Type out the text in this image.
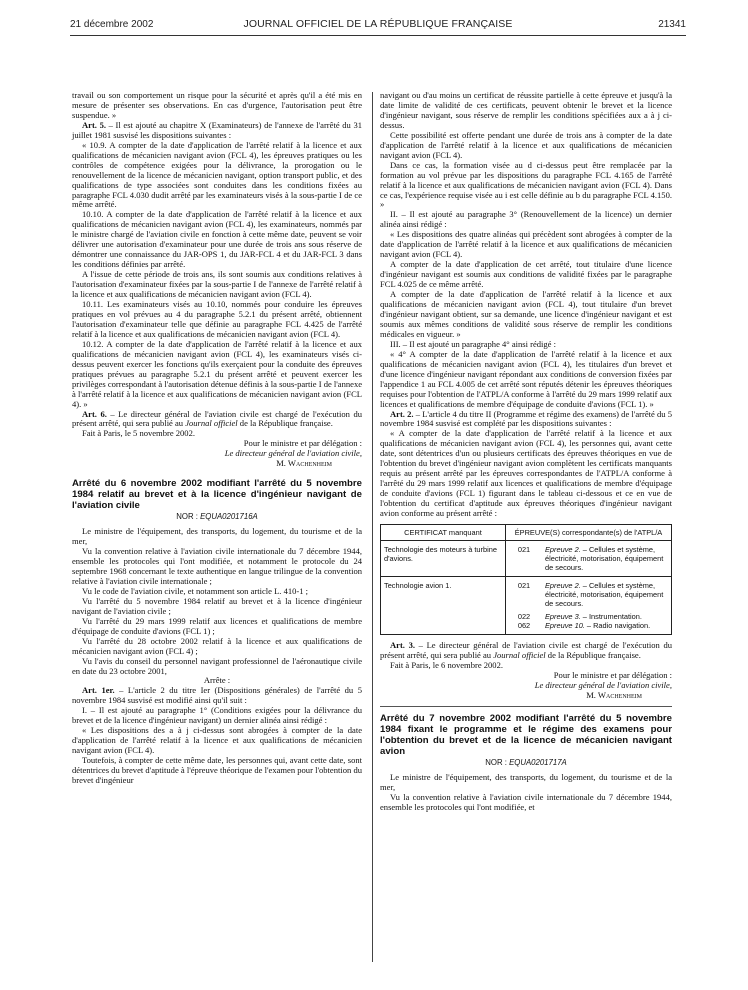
21 décembre 2002	JOURNAL OFFICIEL DE LA RÉPUBLIQUE FRANÇAISE	21341

travail ou son comportement un risque pour la sécurité et après qu'il a été mis en mesure de présenter ses observations. En cas d'urgence, l'autorisation peut être suspendue. »

Art. 5. – Il est ajouté au chapitre X (Examinateurs) de l'annexe de l'arrêté du 31 juillet 1981 susvisé les dispositions suivantes :

« 10.9. A compter de la date d'application de l'arrêté relatif à la licence et aux qualifications de mécanicien navigant avion (FCL 4), les épreuves pratiques ou les contrôles de compétence exigées pour la délivrance, la prorogation ou le renouvellement de la licence de mécanicien navigant, option transport public, et des qualifications de type associées sont conduites dans les conditions fixées au paragraphe FCL 4.030 dudit arrêté par les examinateurs visés à la sous-partie I de ce même arrêté.

10.10. A compter de la date d'application de l'arrêté relatif à la licence et aux qualifications de mécanicien navigant avion (FCL 4), les examinateurs, nommés par le ministre chargé de l'aviation civile en fonction à cette même date, peuvent se voir délivrer une autorisation d'examinateur pour une durée de trois ans sous réserve de démontrer une connaissance du JAR-OPS 1, du JAR-FCL 4 et du JAR-FCL 3 dans les conditions définies par arrêté.

A l'issue de cette période de trois ans, ils sont soumis aux conditions relatives à l'autorisation d'examinateur fixées par la sous-partie I de l'annexe de l'arrêté relatif à la licence et aux qualifications de mécanicien navigant avion (FCL 4).

10.11. Les examinateurs visés au 10.10, nommés pour conduire les épreuves pratiques en vol prévues au 4 du paragraphe 5.2.1 du présent arrêté, obtiennent l'autorisation d'examinateur telle que définie au paragraphe FCL 4.425 de l'arrêté relatif à la licence et aux qualifications de mécanicien navigant avion (FCL 4).

10.12. A compter de la date d'application de l'arrêté relatif à la licence et aux qualifications de mécanicien navigant avion (FCL 4), les examinateurs visés ci-dessus peuvent exercer les fonctions qu'ils exerçaient pour la conduite des épreuves pratiques prévues au paragraphe 5.2.1 du présent arrêté et peuvent exercer les privilèges correspondant à l'autorisation détenue définis à la sous-partie I de l'annexe à l'arrêté relatif à la licence et aux qualifications de mécanicien navigant avion (FCL 4). »

Art. 6. – Le directeur général de l'aviation civile est chargé de l'exécution du présent arrêté, qui sera publié au Journal officiel de la République française.

Fait à Paris, le 5 novembre 2002.

Pour le ministre et par délégation :

Le directeur général de l'aviation civile,

M. Wachenheim

Arrêté du 6 novembre 2002 modifiant l'arrêté du 5 novembre 1984 relatif au brevet et à la licence d'ingénieur navigant de l'aviation civile

NOR : EQUA0201716A

Le ministre de l'équipement, des transports, du logement, du tourisme et de la mer,

Vu la convention relative à l'aviation civile internationale du 7 décembre 1944, ensemble les protocoles qui l'ont modifiée, et notamment le protocole du 24 septembre 1968 concernant le texte authentique en langue trilingue de la convention relative à l'aviation civile internationale ;

Vu le code de l'aviation civile, et notamment son article L. 410-1 ;

Vu l'arrêté du 5 novembre 1984 relatif au brevet et à la licence d'ingénieur navigant de l'aviation civile ;

Vu l'arrêté du 29 mars 1999 relatif aux licences et qualifications de membre d'équipage de conduite d'avions (FCL 1) ;

Vu l'arrêté du 28 octobre 2002 relatif à la licence et aux qualifications de mécanicien navigant avion (FCL 4) ;

Vu l'avis du conseil du personnel navigant professionnel de l'aéronautique civile en date du 23 octobre 2001,

Arrête :

Art. 1er. – L'article 2 du titre Ier (Dispositions générales) de l'arrêté du 5 novembre 1984 susvisé est modifié ainsi qu'il suit :

I. – Il est ajouté au paragraphe 1° (Conditions exigées pour la délivrance du brevet et de la licence d'ingénieur navigant) un dernier alinéa ainsi rédigé :

« Les dispositions des a à j ci-dessus sont abrogées à compter de la date d'application de l'arrêté relatif à la licence et aux qualifications de mécanicien navigant avion (FCL 4).

Toutefois, à compter de cette même date, les personnes qui, avant cette date, sont détentrices du brevet d'aptitude à l'épreuve théorique de l'examen pour l'obtention du brevet d'ingénieur

navigant ou d'au moins un certificat de réussite partielle à cette épreuve et jusqu'à la date limite de validité de ces certificats, peuvent obtenir le brevet et la licence d'ingénieur navigant, sous réserve de remplir les conditions spécifiées aux a à j ci-dessus.

Cette possibilité est offerte pendant une durée de trois ans à compter de la date d'application de l'arrêté relatif à la licence et aux qualifications de mécanicien navigant avion (FCL 4).

Dans ce cas, la formation visée au d ci-dessus peut être remplacée par la formation au vol prévue par les dispositions du paragraphe FCL 4.165 de l'arrêté relatif à la licence et aux qualifications de mécanicien navigant avion (FCL 4). Dans ce cas, l'expérience requise visée au i est celle définie au b du paragraphe FCL 4.150. »

II. – Il est ajouté au paragraphe 3° (Renouvellement de la licence) un dernier alinéa ainsi rédigé :

« Les dispositions des quatre alinéas qui précèdent sont abrogées à compter de la date d'application de l'arrêté relatif à la licence et aux qualifications de mécanicien navigant avion (FCL 4).

A compter de la date d'application de cet arrêté, tout titulaire d'une licence d'ingénieur navigant est soumis aux conditions de validité fixées par le paragraphe FCL 4.025 de ce même arrêté.

A compter de la date d'application de l'arrêté relatif à la licence et aux qualifications de mécanicien navigant avion (FCL 4), tout titulaire d'un brevet d'ingénieur navigant obtient, sur sa demande, une licence d'ingénieur navigant et est soumis aux mêmes conditions de validité sous réserve de remplir les conditions médicales en vigueur. »

III. – Il est ajouté un paragraphe 4° ainsi rédigé :

« 4° A compter de la date d'application de l'arrêté relatif à la licence et aux qualifications de mécanicien navigant avion (FCL 4), les titulaires d'un brevet et d'une licence d'ingénieur navigant répondant aux conditions de conversion fixées par l'appendice 1 au FCL 4.005 de cet arrêté sont réputés détenir les épreuves théoriques requises pour l'obtention de l'ATPL/A conforme à l'arrêté du 29 mars 1999 relatif aux licences et qualifications de membre d'équipage de conduite d'avions (FCL 1). »

Art. 2. – L'article 4 du titre II (Programme et régime des examens) de l'arrêté du 5 novembre 1984 susvisé est complété par les dispositions suivantes :

« A compter de la date d'application de l'arrêté relatif à la licence et aux qualifications de mécanicien navigant avion (FCL 4), les personnes qui, avant cette date, sont détentrices d'un ou plusieurs certificats des épreuves théoriques en vue de l'obtention du brevet d'ingénieur navigant avion complètent les certificats manquants requis au présent arrêté par les épreuves correspondantes de l'ATPL/A conforme à l'arrêté du 29 mars 1999 relatif aux licences et qualifications de membre d'équipage de conduite d'avions (FCL 1) figurant dans le tableau ci-dessous et ce en vue de l'obtention du certificat d'aptitude aux épreuves théoriques d'ingénieur navigant avion conforme au présent arrêté :

CERTIFICAT manquant	ÉPREUVE(S) correspondante(s) de l'ATPL/A	
Technologie des moteurs à turbine d'avions.	021	Epreuve 2. – Cellules et système, électricité, motorisation, équipement de secours.

Technologie avion 1.	021	Epreuve 2. – Cellules et système, électricité, motorisation, équipement de secours.

	022	Epreuve 3. – Instrumentation.

	062	Epreuve 10. – Radio navigation.

Art. 3. – Le directeur général de l'aviation civile est chargé de l'exécution du présent arrêté, qui sera publié au Journal officiel de la République française.

Fait à Paris, le 6 novembre 2002.

Pour le ministre et par délégation :

Le directeur général de l'aviation civile,

M. Wachenheim

Arrêté du 7 novembre 2002 modifiant l'arrêté du 5 novembre 1984 fixant le programme et le régime des examens pour l'obtention du brevet et de la licence de mécanicien navigant avion

NOR : EQUA0201717A

Le ministre de l'équipement, des transports, du logement, du tourisme et de la mer,

Vu la convention relative à l'aviation civile internationale du 7 décembre 1944, ensemble les protocoles qui l'ont modifiée, et
